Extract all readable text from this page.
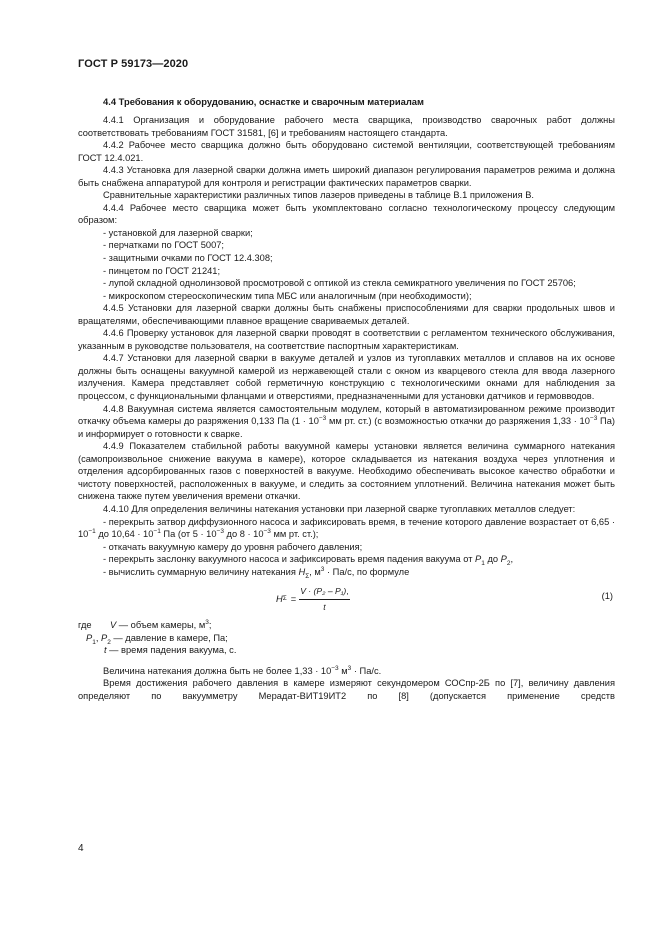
ГОСТ Р 59173—2020
4.4 Требования к оборудованию, оснастке и сварочным материалам

4.4.1 Организация и оборудование рабочего места сварщика, производство сварочных работ должны соответствовать требованиям ГОСТ 31581, [6] и требованиям настоящего стандарта.

4.4.2 Рабочее место сварщика должно быть оборудовано системой вентиляции, соответствующей требованиям ГОСТ 12.4.021.

4.4.3 Установка для лазерной сварки должна иметь широкий диапазон регулирования параметров режима и должна быть снабжена аппаратурой для контроля и регистрации фактических параметров сварки.

Сравнительные характеристики различных типов лазеров приведены в таблице В.1 приложения В.

4.4.4 Рабочее место сварщика может быть укомплектовано согласно технологическому процессу следующим образом:

- установкой для лазерной сварки;

- перчатками по ГОСТ 5007;

- защитными очками по ГОСТ 12.4.308;

- пинцетом по ГОСТ 21241;

- лупой складной однолинзовой просмотровой с оптикой из стекла семикратного увеличения по ГОСТ 25706;

- микроскопом стереоскопическим типа МБС или аналогичным (при необходимости);

4.4.5 Установки для лазерной сварки должны быть снабжены приспособлениями для сварки продольных швов и вращателями, обеспечивающими плавное вращение свариваемых деталей.

4.4.6 Проверку установок для лазерной сварки проводят в соответствии с регламентом технического обслуживания, указанным в руководстве пользователя, на соответствие паспортным характеристикам.

4.4.7 Установки для лазерной сварки в вакууме деталей и узлов из тугоплавких металлов и сплавов на их основе должны быть оснащены вакуумной камерой из нержавеющей стали с окном из кварцевого стекла для ввода лазерного излучения. Камера представляет собой герметичную конструкцию с технологическими окнами для наблюдения за процессом, с функциональными фланцами и отверстиями, предназначенными для установки датчиков и гермовводов.

4.4.8 Вакуумная система является самостоятельным модулем, который в автоматизированном режиме производит откачку объема камеры до разряжения 0,133 Па ($1 \cdot 10^{-3}$ мм рт. ст.) (с возможностью откачки до разряжения $1,33 \cdot 10^{-3}$ Па) и информирует о готовности к сварке.

4.4.9 Показателем стабильной работы вакуумной камеры установки является величина суммарного натекания (самопроизвольное снижение вакуума в камере), которое складывается из натекания воздуха через уплотнения и отделения адсорбированных газов с поверхностей в вакууме. Необходимо обеспечивать высокое качество обработки и чистоту поверхностей, расположенных в вакууме, и следить за состоянием уплотнений. Величина натекания может быть снижена также путем увеличения времени откачки.

4.4.10 Для определения величины натекания установки при лазерной сварке тугоплавких металлов следует:

- перекрыть затвор диффузионного насоса и зафиксировать время, в течение которого давление возрастает от $6,65 \cdot 10^{-1}$ до $10,64 \cdot 10^{-1}$ Па (от $5 \cdot 10^{-3}$ до $8 \cdot 10^{-3}$ мм рт. ст.);

- откачать вакуумную камеру до уровня рабочего давления;

- перекрыть заслонку вакуумного насоса и зафиксировать время падения вакуума от $P_1$ до $P_2$,

- вычислить суммарную величину натекания $H_\Sigma$, $м^3 \cdot Па/с$, по формуле

H $\Sigma = \frac{\text{V · (P₂ – P₁),}}{t}$	(1)

где V — объем камеры, $м^3$;

$P_1$, $P_2$ — давление в камере, Па;

t — время падения вакуума, с.

Величина натекания должна быть не более $1,33 \cdot 10^{-3}$ $м^3 \cdot Па/с$.

Время достижения рабочего давления в камере измеряют секундомером СОСпр-2Б по [7], величину давления определяют по вакуумметру Мерадат-ВИТ19ИТ2 по [8] (допускается применение средств

4
